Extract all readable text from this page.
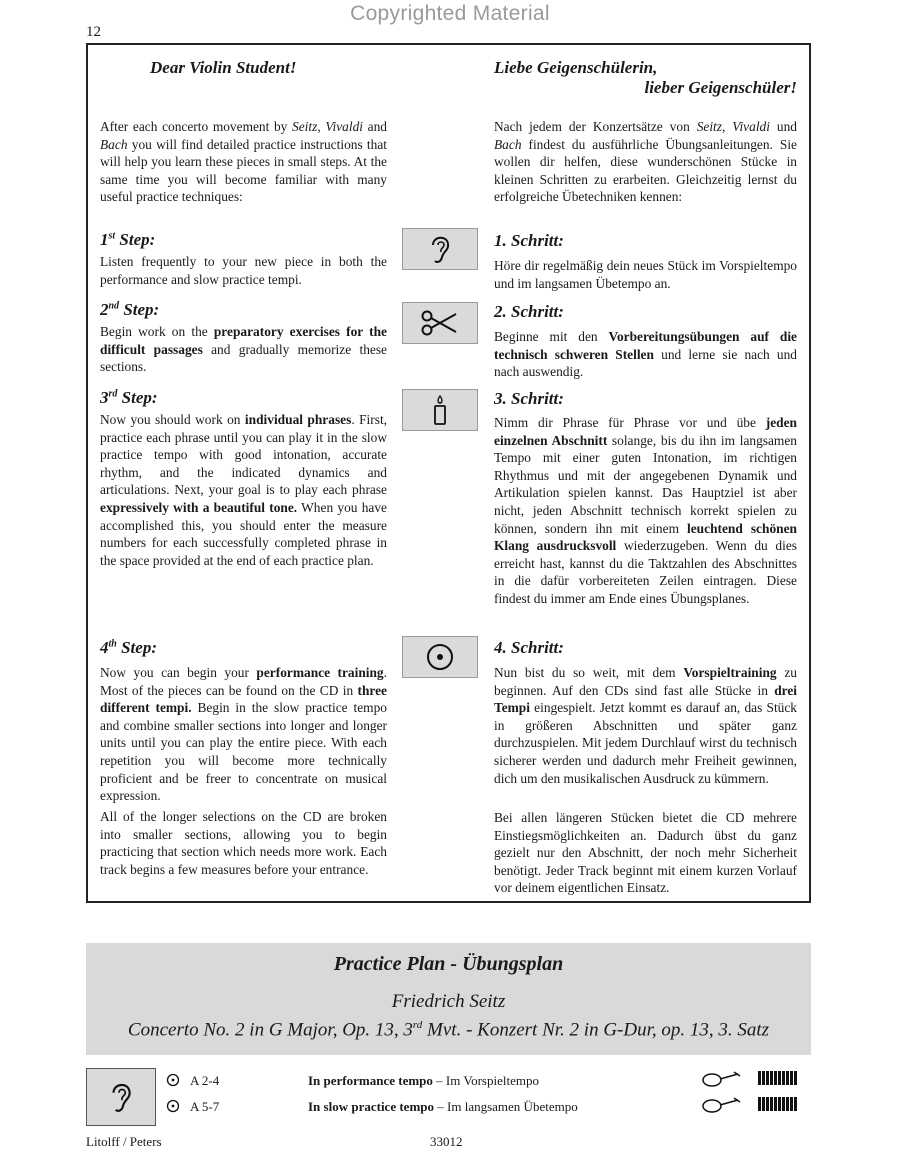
Copyrighted Material
12
Dear Violin Student!
After each concerto movement by Seitz, Vivaldi and Bach you will find detailed practice instructions that will help you learn these pieces in small steps. At the same time you will become familiar with many useful practice techniques:
1st Step:
Listen frequently to your new piece in both the performance and slow practice tempi.
2nd Step:
Begin work on the preparatory exercises for the difficult passages and gradually memorize these sections.
3rd Step:
Now you should work on individual phrases. First, practice each phrase until you can play it in the slow practice tempo with good intonation, accurate rhythm, and the indicated dynamics and articulations. Next, your goal is to play each phrase expressively with a beautiful tone. When you have accomplished this, you should enter the measure numbers for each successfully completed phrase in the space provided at the end of each practice plan.
4th Step:
Now you can begin your performance training. Most of the pieces can be found on the CD in three different tempi. Begin in the slow practice tempo and combine smaller sections into longer and longer units until you can play the entire piece. With each repetition you will become more technically proficient and be freer to concentrate on musical expression.
All of the longer selections on the CD are broken into smaller sections, allowing you to begin practicing that section which needs more work. Each track begins a few measures before your entrance.
Liebe Geigenschülerin,
lieber Geigenschüler!
Nach jedem der Konzertsätze von Seitz, Vivaldi und Bach findest du ausführliche Übungsanleitungen. Sie wollen dir helfen, diese wunderschönen Stücke in kleinen Schritten zu erarbeiten. Gleichzeitig lernst du erfolgreiche Übetechniken kennen:
1. Schritt:
Höre dir regelmäßig dein neues Stück im Vorspieltempo und im langsamen Übetempo an.
2. Schritt:
Beginne mit den Vorbereitungsübungen auf die technisch schweren Stellen und lerne sie nach und nach auswendig.
3. Schritt:
Nimm dir Phrase für Phrase vor und übe jeden einzelnen Abschnitt solange, bis du ihn im langsamen Tempo mit einer guten Intonation, im richtigen Rhythmus und mit der angegebenen Dynamik und Artikulation spielen kannst. Das Hauptziel ist aber nicht, jeden Abschnitt technisch korrekt spielen zu können, sondern ihn mit einem leuchtend schönen Klang ausdrucksvoll wiederzugeben. Wenn du dies erreicht hast, kannst du die Taktzahlen des Abschnittes in die dafür vorbereiteten Zeilen eintragen. Diese findest du immer am Ende eines Übungsplanes.
4. Schritt:
Nun bist du so weit, mit dem Vorspieltraining zu beginnen. Auf den CDs sind fast alle Stücke in drei Tempi eingespielt. Jetzt kommt es darauf an, das Stück in größeren Abschnitten und später ganz durchzuspielen. Mit jedem Durchlauf wirst du technisch sicherer werden und dadurch mehr Freiheit gewinnen, dich um den musikalischen Ausdruck zu kümmern.
Bei allen längeren Stücken bietet die CD mehrere Einstiegsmöglichkeiten an. Dadurch übst du ganz gezielt nur den Abschnitt, der noch mehr Sicherheit benötigt. Jeder Track beginnt mit einem kurzen Vorlauf vor deinem eigentlichen Einsatz.
Practice Plan - Übungsplan
Friedrich Seitz
Concerto No. 2 in G Major, Op. 13, 3rd Mvt. - Konzert Nr. 2 in G-Dur, op. 13, 3. Satz
A 2-4	In performance tempo – Im Vorspieltempo
A 5-7	In slow practice tempo – Im langsamen Übetempo
Litolff / Peters	33012
